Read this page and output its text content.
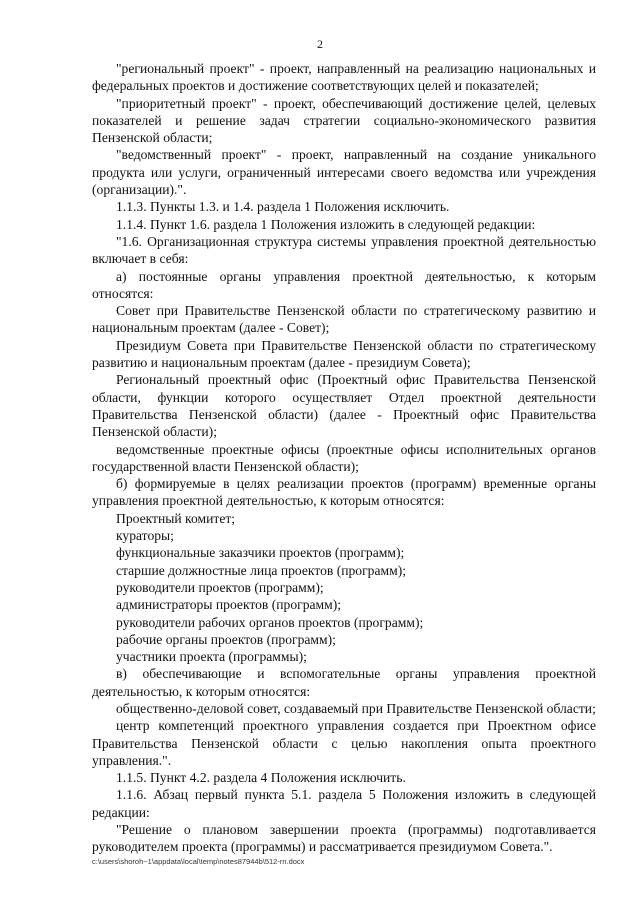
2

"региональный проект" - проект, направленный на реализацию национальных и федеральных проектов и достижение соответствующих целей и показателей;

"приоритетный проект" - проект, обеспечивающий достижение целей, целевых показателей и решение задач стратегии социально-экономического развития Пензенской области;

"ведомственный проект" - проект, направленный на создание уникального продукта или услуги, ограниченный интересами своего ведомства или учреждения (организации).".

1.1.3. Пункты 1.3. и 1.4. раздела 1 Положения исключить.

1.1.4. Пункт 1.6. раздела 1 Положения изложить в следующей редакции:

"1.6. Организационная структура системы управления проектной деятельностью включает в себя:

а) постоянные органы управления проектной деятельностью, к которым относятся:

Совет при Правительстве Пензенской области по стратегическому развитию и национальным проектам (далее - Совет);

Президиум Совета при Правительстве Пензенской области по стратегическому развитию и национальным проектам (далее - президиум Совета);

Региональный проектный офис (Проектный офис Правительства Пензенской области, функции которого осуществляет Отдел проектной деятельности Правительства Пензенской области) (далее - Проектный офис Правительства Пензенской области);

ведомственные проектные офисы (проектные офисы исполнительных органов государственной власти Пензенской области);

б) формируемые в целях реализации проектов (программ) временные органы управления проектной деятельностью, к которым относятся:

Проектный комитет;

кураторы;

функциональные заказчики проектов (программ);

старшие должностные лица проектов (программ);

руководители проектов (программ);

администраторы проектов (программ);

руководители рабочих органов проектов (программ);

рабочие органы проектов (программ);

участники проекта (программы);

в) обеспечивающие и вспомогательные органы управления проектной деятельностью, к которым относятся:

общественно-деловой совет, создаваемый при Правительстве Пензенской области;

центр компетенций проектного управления создается при Проектном офисе Правительства Пензенской области с целью накопления опыта проектного управления.".

1.1.5. Пункт 4.2. раздела 4 Положения исключить.

1.1.6. Абзац первый пункта 5.1. раздела 5 Положения изложить в следующей редакции:

"Решение о плановом завершении проекта (программы) подготавливается руководителем проекта (программы) и рассматривается президиумом Совета.".

c:\users\shoroh~1\appdata\local\temp\notes87944b\512-rn.docx
